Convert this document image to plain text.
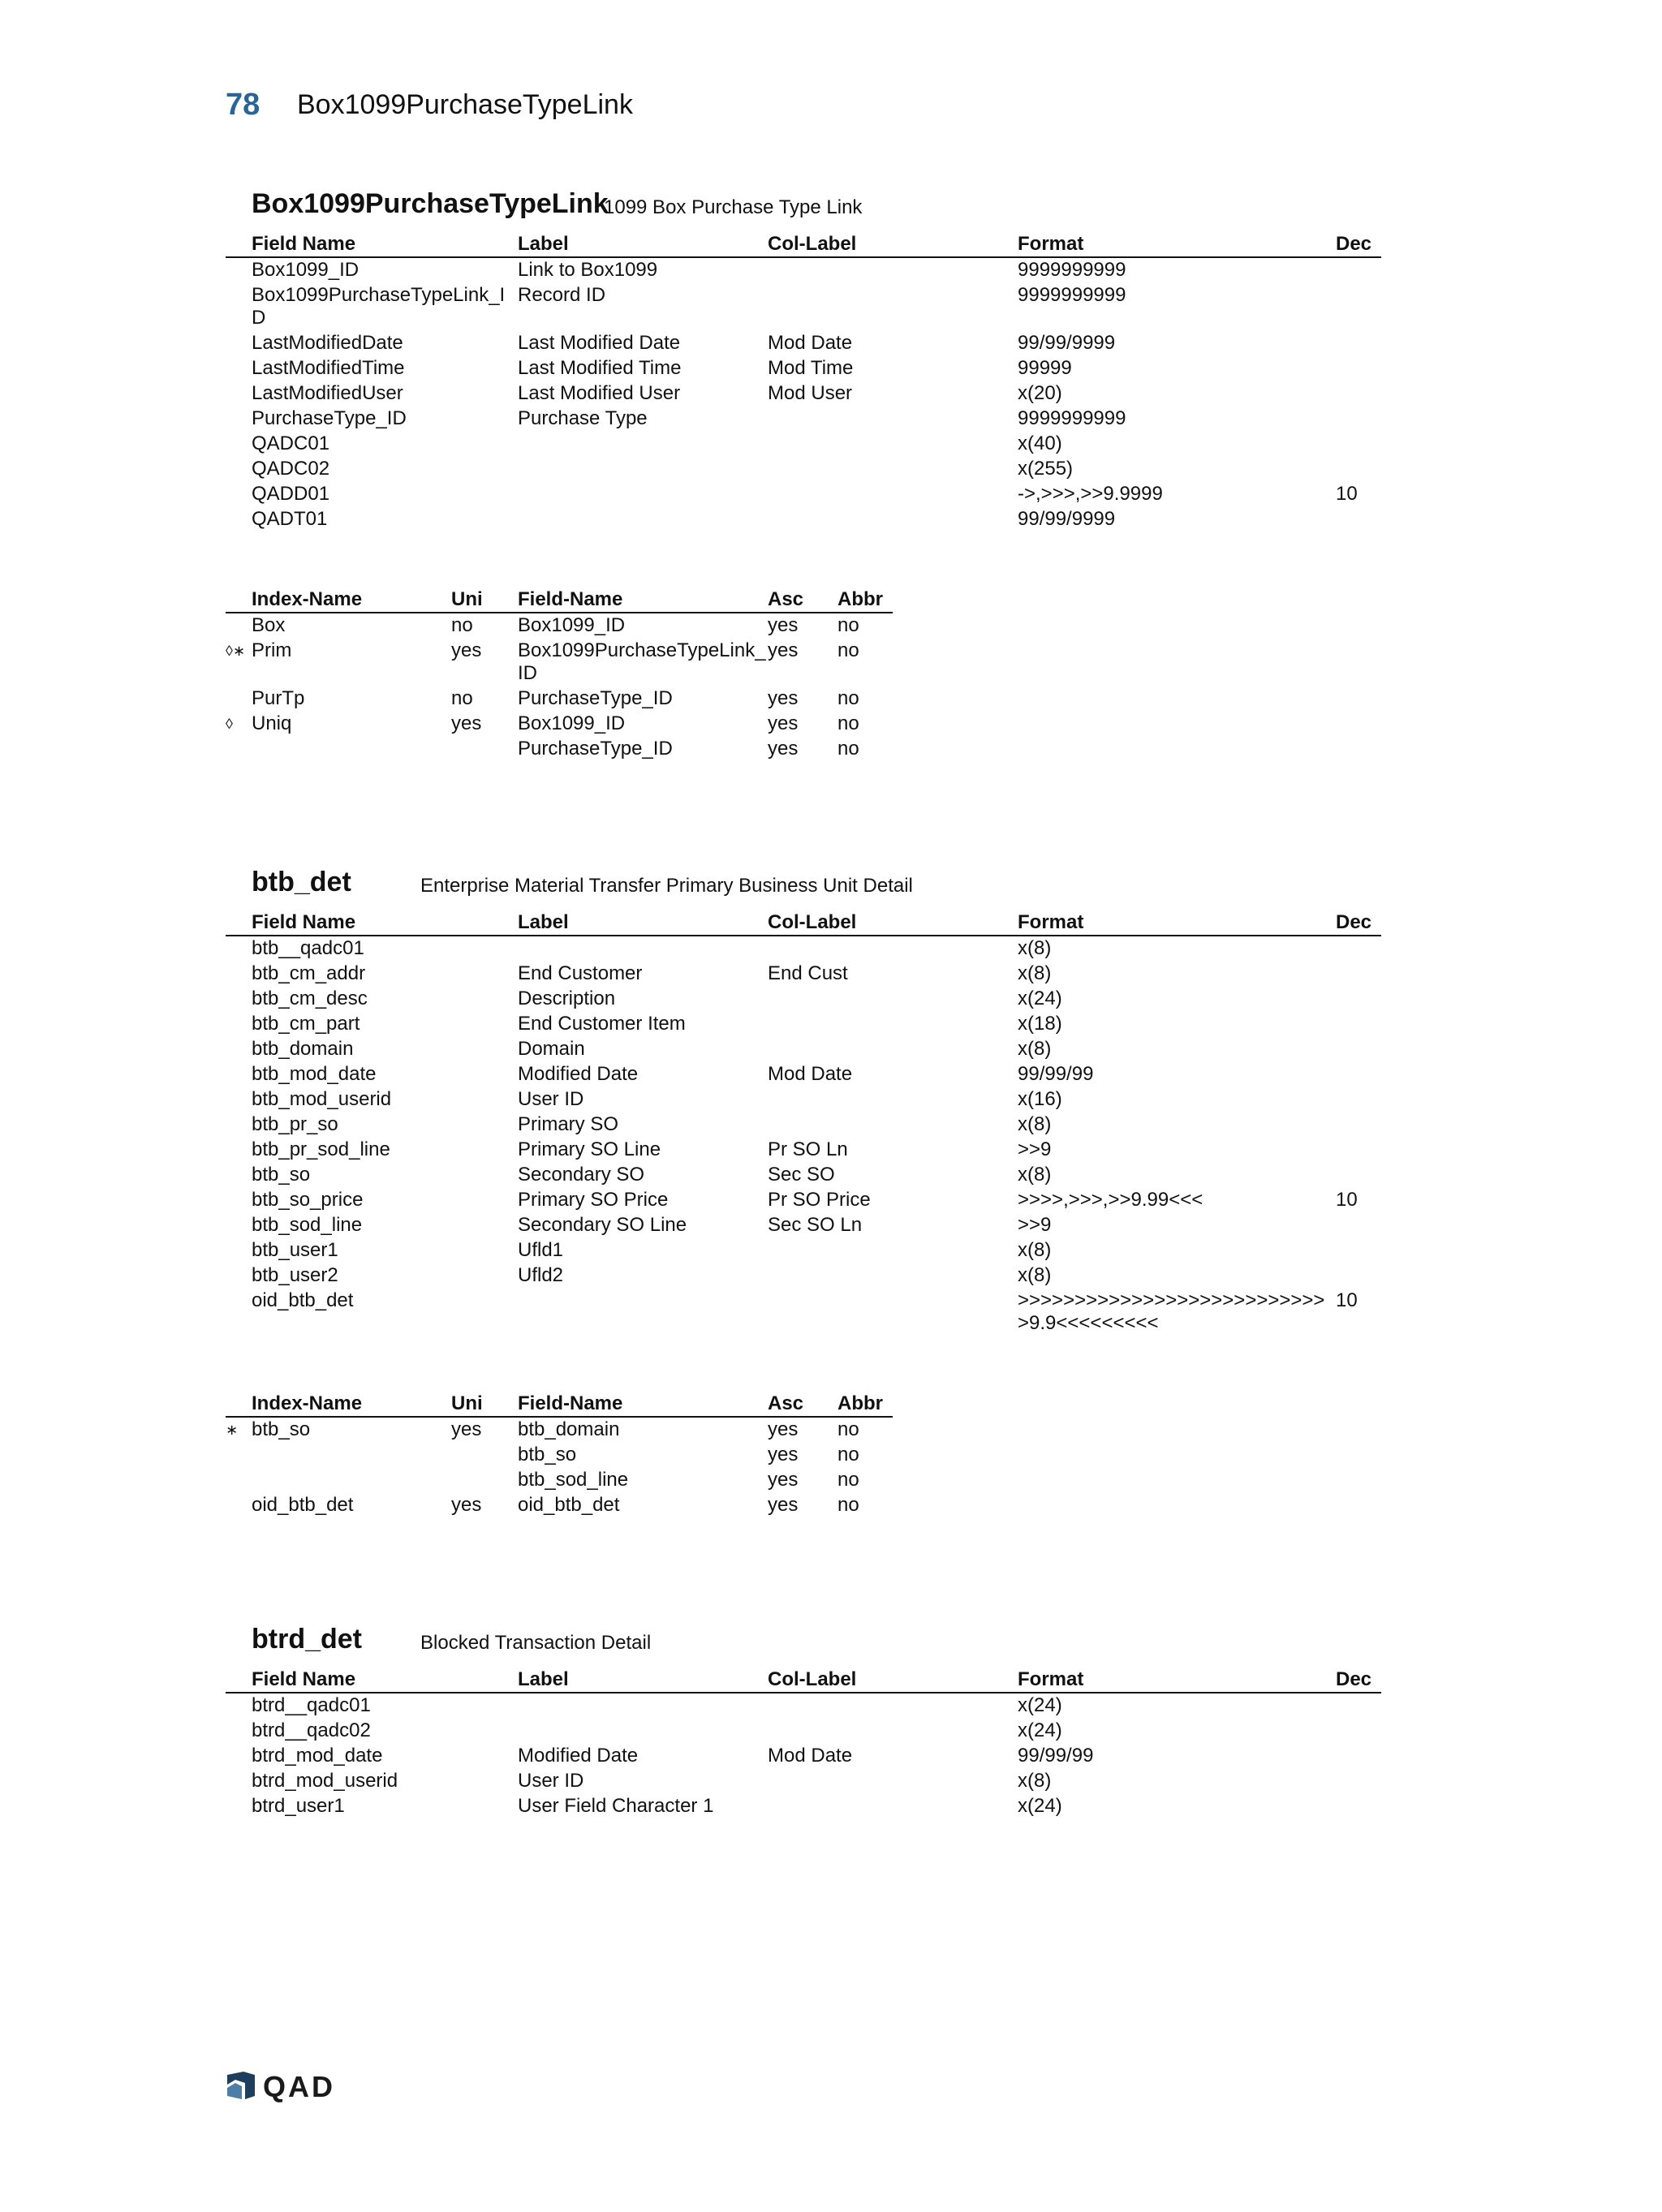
78 Box1099PurchaseTypeLink
Box1099PurchaseTypeLink
1099 Box Purchase Type Link
	Field Name	Label	Col-Label	Format	Dec
	Box1099_ID	Link to Box1099		9999999999	
	Box1099PurchaseTypeLink_ID	Record ID		9999999999	
	LastModifiedDate	Last Modified Date	Mod Date	99/99/9999	
	LastModifiedTime	Last Modified Time	Mod Time	99999	
	LastModifiedUser	Last Modified User	Mod User	x(20)	
	PurchaseType_ID	Purchase Type		9999999999	
	QADC01			x(40)	
	QADC02			x(255)	
	QADD01			->,>>>,>>9.9999	10
	QADT01			99/99/9999	
	Index-Name	Uni	Field-Name	Asc	Abbr
	Box	no	Box1099_ID	yes	no
◊∗	Prim	yes	Box1099PurchaseTypeLink_ID	yes	no
	PurTp	no	PurchaseType_ID	yes	no
◊	Uniq	yes	Box1099_ID	yes	no
			PurchaseType_ID	yes	no
btb_det	Enterprise Material Transfer Primary Business Unit Detail
	Field Name	Label	Col-Label	Format	Dec
	btb__qadc01			x(8)	
	btb_cm_addr	End Customer	End Cust	x(8)	
	btb_cm_desc	Description		x(24)	
	btb_cm_part	End Customer Item		x(18)	
	btb_domain	Domain		x(8)	
	btb_mod_date	Modified Date	Mod Date	99/99/99	
	btb_mod_userid	User ID		x(16)	
	btb_pr_so	Primary SO		x(8)	
	btb_pr_sod_line	Primary SO Line	Pr SO Ln	>>9	
	btb_so	Secondary SO	Sec SO	x(8)	
	btb_so_price	Primary SO Price	Pr SO Price	>>>>,>>>,>>9.99<<<	10
	btb_sod_line	Secondary SO Line	Sec SO Ln	>>9	
	btb_user1	Ufld1		x(8)	
	btb_user2	Ufld2		x(8)	
	oid_btb_det			>>>>>>>>>>>>>>>>>>>>>>>>>>>>9.9<<<<<<<<<	10
	Index-Name	Uni	Field-Name	Asc	Abbr
∗	btb_so	yes	btb_domain	yes	no
			btb_so	yes	no
			btb_sod_line	yes	no
	oid_btb_det	yes	oid_btb_det	yes	no
btrd_det	Blocked Transaction Detail
	Field Name	Label	Col-Label	Format	Dec
	btrd__qadc01			x(24)	
	btrd__qadc02			x(24)	
	btrd_mod_date	Modified Date	Mod Date	99/99/99	
	btrd_mod_userid	User ID		x(8)	
	btrd_user1	User Field Character 1		x(24)	
QAD
